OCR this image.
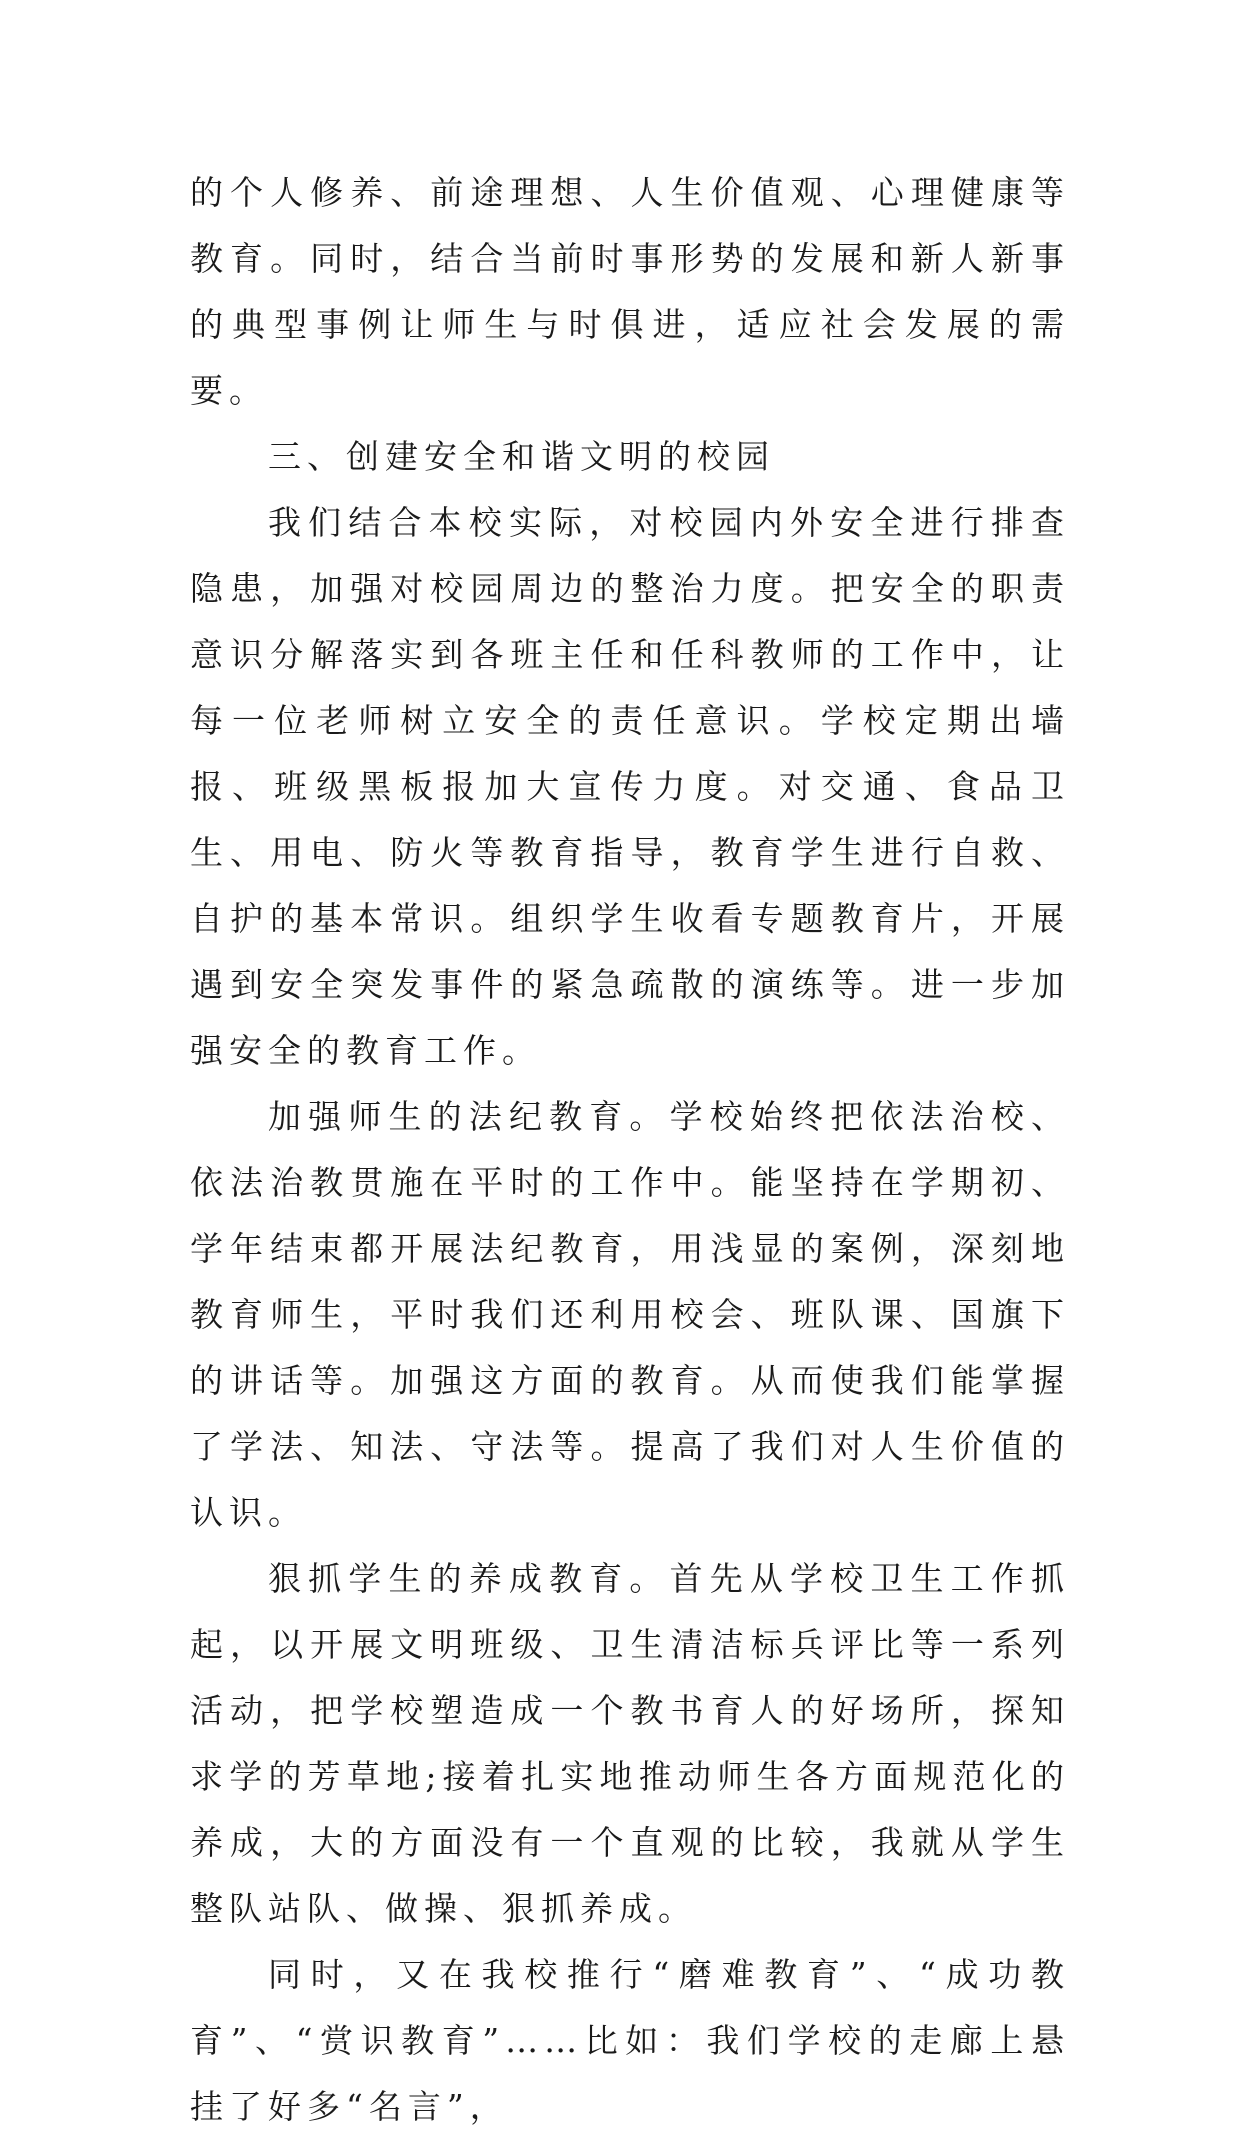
的个人修养、前途理想、人生价值观、心理健康等教育。同时，结合当前时事形势的发展和新人新事的典型事例让师生与时俱进，适应社会发展的需要。

三、创建安全和谐文明的校园

我们结合本校实际，对校园内外安全进行排查隐患，加强对校园周边的整治力度。把安全的职责意识分解落实到各班主任和任科教师的工作中，让每一位老师树立安全的责任意识。学校定期出墙报、班级黑板报加大宣传力度。对交通、食品卫生、用电、防火等教育指导，教育学生进行自救、自护的基本常识。组织学生收看专题教育片，开展遇到安全突发事件的紧急疏散的演练等。进一步加强安全的教育工作。

加强师生的法纪教育。学校始终把依法治校、依法治教贯施在平时的工作中。能坚持在学期初、学年结束都开展法纪教育，用浅显的案例，深刻地教育师生，平时我们还利用校会、班队课、国旗下的讲话等。加强这方面的教育。从而使我们能掌握了学法、知法、守法等。提高了我们对人生价值的认识。

狠抓学生的养成教育。首先从学校卫生工作抓起，以开展文明班级、卫生清洁标兵评比等一系列活动，把学校塑造成一个教书育人的好场所，探知求学的芳草地;接着扎实地推动师生各方面规范化的养成，大的方面没有一个直观的比较，我就从学生整队站队、做操、狠抓养成。

同时，又在我校推行“磨难教育”、“成功教育”、“赏识教育”……比如：我们学校的走廊上悬挂了好多“名言”，
